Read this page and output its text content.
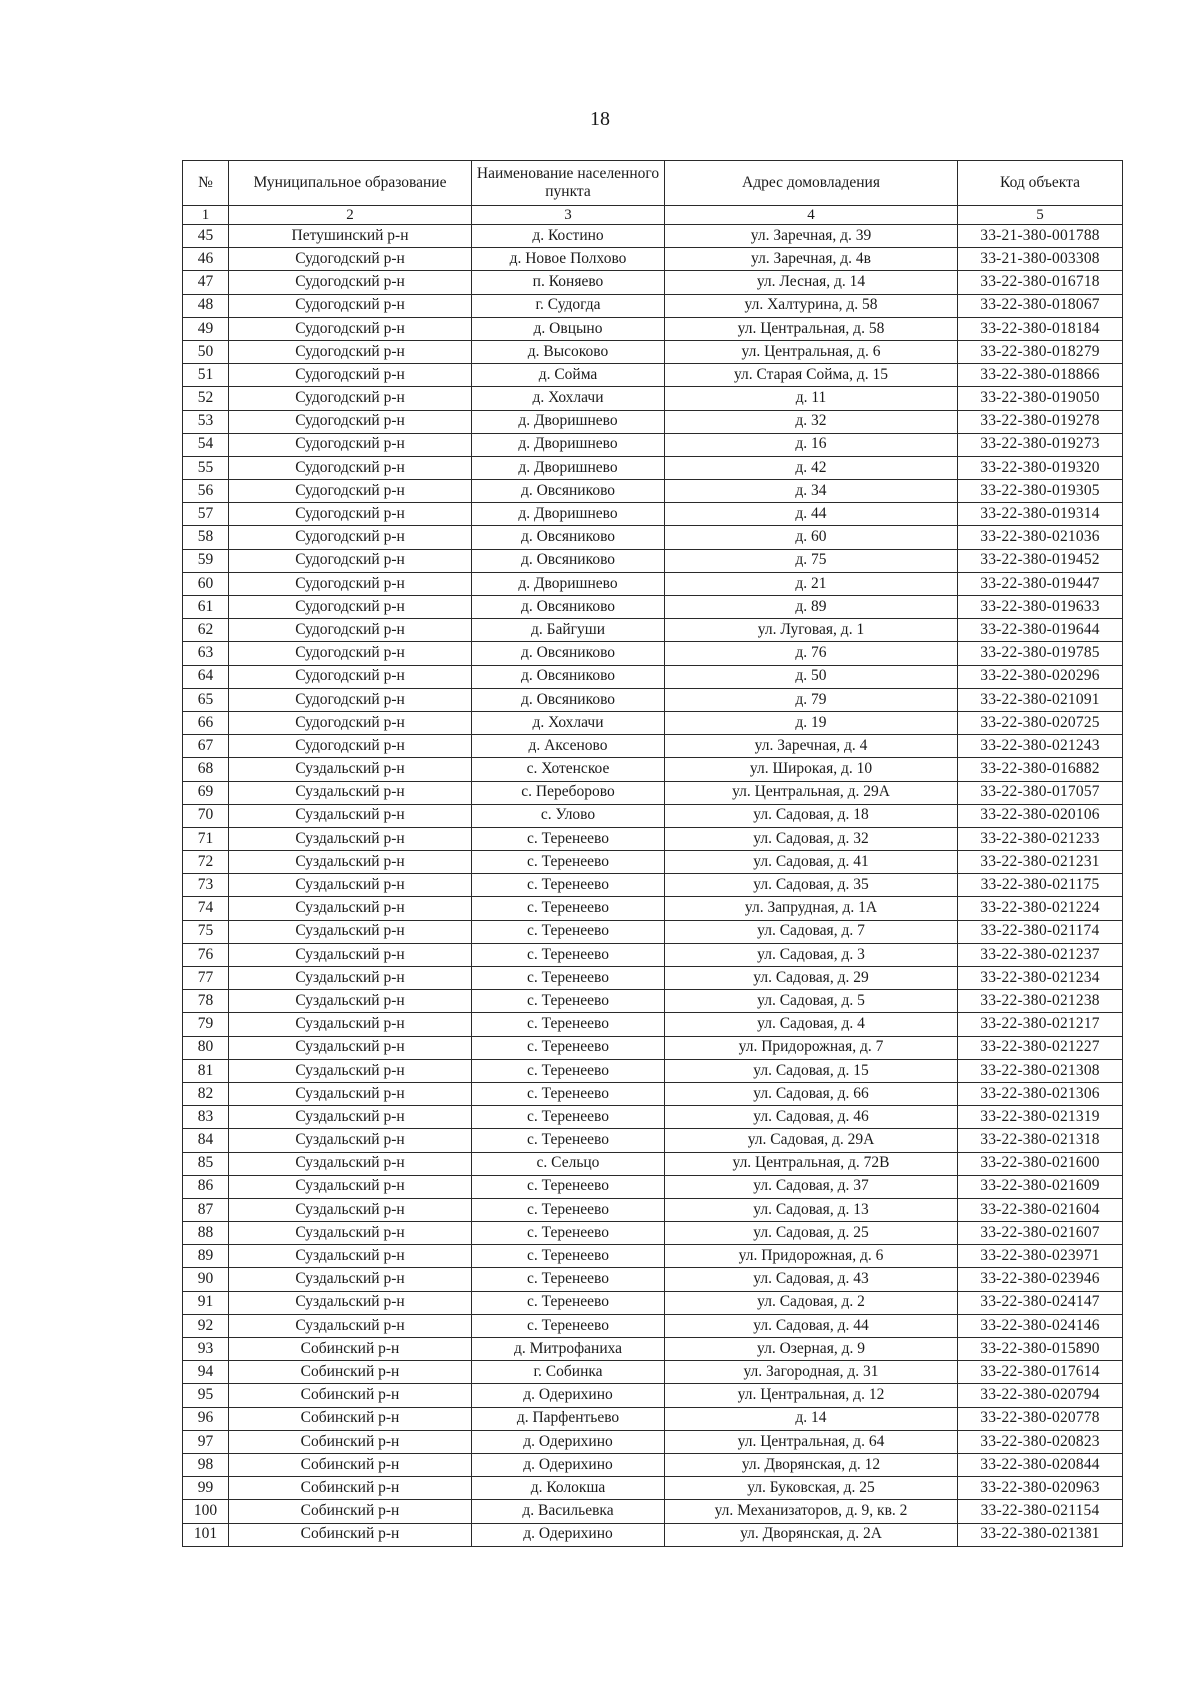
18
№	Муниципальное образование	Наименование населенного пункта	Адрес домовладения	Код объекта
1	2	3	4	5
45	Петушинский р-н	д. Костино	ул. Заречная, д. 39	33-21-380-001788
46	Судогодский р-н	д. Новое Полхово	ул. Заречная, д. 4в	33-21-380-003308
47	Судогодский р-н	п. Коняево	ул. Лесная, д. 14	33-22-380-016718
48	Судогодский р-н	г. Судогда	ул. Халтурина, д. 58	33-22-380-018067
49	Судогодский р-н	д. Овцыно	ул. Центральная, д. 58	33-22-380-018184
50	Судогодский р-н	д. Высоково	ул. Центральная, д. 6	33-22-380-018279
51	Судогодский р-н	д. Сойма	ул. Старая Сойма, д. 15	33-22-380-018866
52	Судогодский р-н	д. Хохлачи	д. 11	33-22-380-019050
53	Судогодский р-н	д. Дворишнево	д. 32	33-22-380-019278
54	Судогодский р-н	д. Дворишнево	д. 16	33-22-380-019273
55	Судогодский р-н	д. Дворишнево	д. 42	33-22-380-019320
56	Судогодский р-н	д. Овсяниково	д. 34	33-22-380-019305
57	Судогодский р-н	д. Дворишнево	д. 44	33-22-380-019314
58	Судогодский р-н	д. Овсяниково	д. 60	33-22-380-021036
59	Судогодский р-н	д. Овсяниково	д. 75	33-22-380-019452
60	Судогодский р-н	д. Дворишнево	д. 21	33-22-380-019447
61	Судогодский р-н	д. Овсяниково	д. 89	33-22-380-019633
62	Судогодский р-н	д. Байгуши	ул. Луговая, д. 1	33-22-380-019644
63	Судогодский р-н	д. Овсяниково	д. 76	33-22-380-019785
64	Судогодский р-н	д. Овсяниково	д. 50	33-22-380-020296
65	Судогодский р-н	д. Овсяниково	д. 79	33-22-380-021091
66	Судогодский р-н	д. Хохлачи	д. 19	33-22-380-020725
67	Судогодский р-н	д. Аксеново	ул. Заречная, д. 4	33-22-380-021243
68	Суздальский р-н	с. Хотенское	ул. Широкая, д. 10	33-22-380-016882
69	Суздальский р-н	с. Переборово	ул. Центральная, д. 29А	33-22-380-017057
70	Суздальский р-н	с. Улово	ул. Садовая, д. 18	33-22-380-020106
71	Суздальский р-н	с. Теренеево	ул. Садовая, д. 32	33-22-380-021233
72	Суздальский р-н	с. Теренеево	ул. Садовая, д. 41	33-22-380-021231
73	Суздальский р-н	с. Теренеево	ул. Садовая, д. 35	33-22-380-021175
74	Суздальский р-н	с. Теренеево	ул. Запрудная, д. 1А	33-22-380-021224
75	Суздальский р-н	с. Теренеево	ул. Садовая, д. 7	33-22-380-021174
76	Суздальский р-н	с. Теренеево	ул. Садовая, д. 3	33-22-380-021237
77	Суздальский р-н	с. Теренеево	ул. Садовая, д. 29	33-22-380-021234
78	Суздальский р-н	с. Теренеево	ул. Садовая, д. 5	33-22-380-021238
79	Суздальский р-н	с. Теренеево	ул. Садовая, д. 4	33-22-380-021217
80	Суздальский р-н	с. Теренеево	ул. Придорожная, д. 7	33-22-380-021227
81	Суздальский р-н	с. Теренеево	ул. Садовая, д. 15	33-22-380-021308
82	Суздальский р-н	с. Теренеево	ул. Садовая, д. 66	33-22-380-021306
83	Суздальский р-н	с. Теренеево	ул. Садовая, д. 46	33-22-380-021319
84	Суздальский р-н	с. Теренеево	ул. Садовая, д. 29А	33-22-380-021318
85	Суздальский р-н	с. Сельцо	ул. Центральная, д. 72В	33-22-380-021600
86	Суздальский р-н	с. Теренеево	ул. Садовая, д. 37	33-22-380-021609
87	Суздальский р-н	с. Теренеево	ул. Садовая, д. 13	33-22-380-021604
88	Суздальский р-н	с. Теренеево	ул. Садовая, д. 25	33-22-380-021607
89	Суздальский р-н	с. Теренеево	ул. Придорожная, д. 6	33-22-380-023971
90	Суздальский р-н	с. Теренеево	ул. Садовая, д. 43	33-22-380-023946
91	Суздальский р-н	с. Теренеево	ул. Садовая, д. 2	33-22-380-024147
92	Суздальский р-н	с. Теренеево	ул. Садовая, д. 44	33-22-380-024146
93	Собинский р-н	д. Митрофаниха	ул. Озерная, д. 9	33-22-380-015890
94	Собинский р-н	г. Собинка	ул. Загородная, д. 31	33-22-380-017614
95	Собинский р-н	д. Одерихино	ул. Центральная, д. 12	33-22-380-020794
96	Собинский р-н	д. Парфентьево	д. 14	33-22-380-020778
97	Собинский р-н	д. Одерихино	ул. Центральная, д. 64	33-22-380-020823
98	Собинский р-н	д. Одерихино	ул. Дворянская, д. 12	33-22-380-020844
99	Собинский р-н	д. Колокша	ул. Буковская, д. 25	33-22-380-020963
100	Собинский р-н	д. Васильевка	ул. Механизаторов, д. 9, кв. 2	33-22-380-021154
101	Собинский р-н	д. Одерихино	ул. Дворянская, д. 2А	33-22-380-021381
